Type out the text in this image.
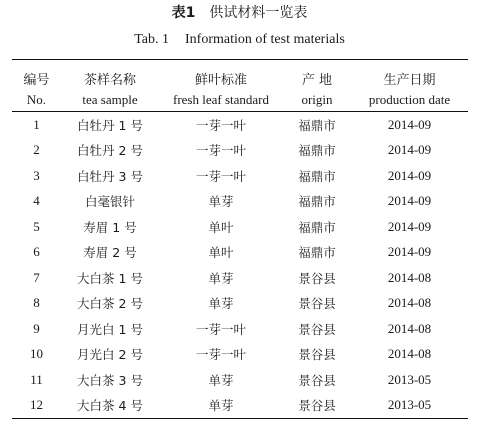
表1 供试材料一览表
Tab. 1 Information of test materials
编号	茶样名称	鲜叶标准	产 地	生产日期
No.	tea sample	fresh leaf standard	origin	production date
1	白牡丹 1 号	一芽一叶	福鼎市	2014-09
2	白牡丹 2 号	一芽一叶	福鼎市	2014-09
3	白牡丹 3 号	一芽一叶	福鼎市	2014-09
4	白毫银针	单芽	福鼎市	2014-09
5	寿眉 1 号	单叶	福鼎市	2014-09
6	寿眉 2 号	单叶	福鼎市	2014-09
7	大白茶 1 号	单芽	景谷县	2014-08
8	大白茶 2 号	单芽	景谷县	2014-08
9	月光白 1 号	一芽一叶	景谷县	2014-08
10	月光白 2 号	一芽一叶	景谷县	2014-08
11	大白茶 3 号	单芽	景谷县	2013-05
12	大白茶 4 号	单芽	景谷县	2013-05
